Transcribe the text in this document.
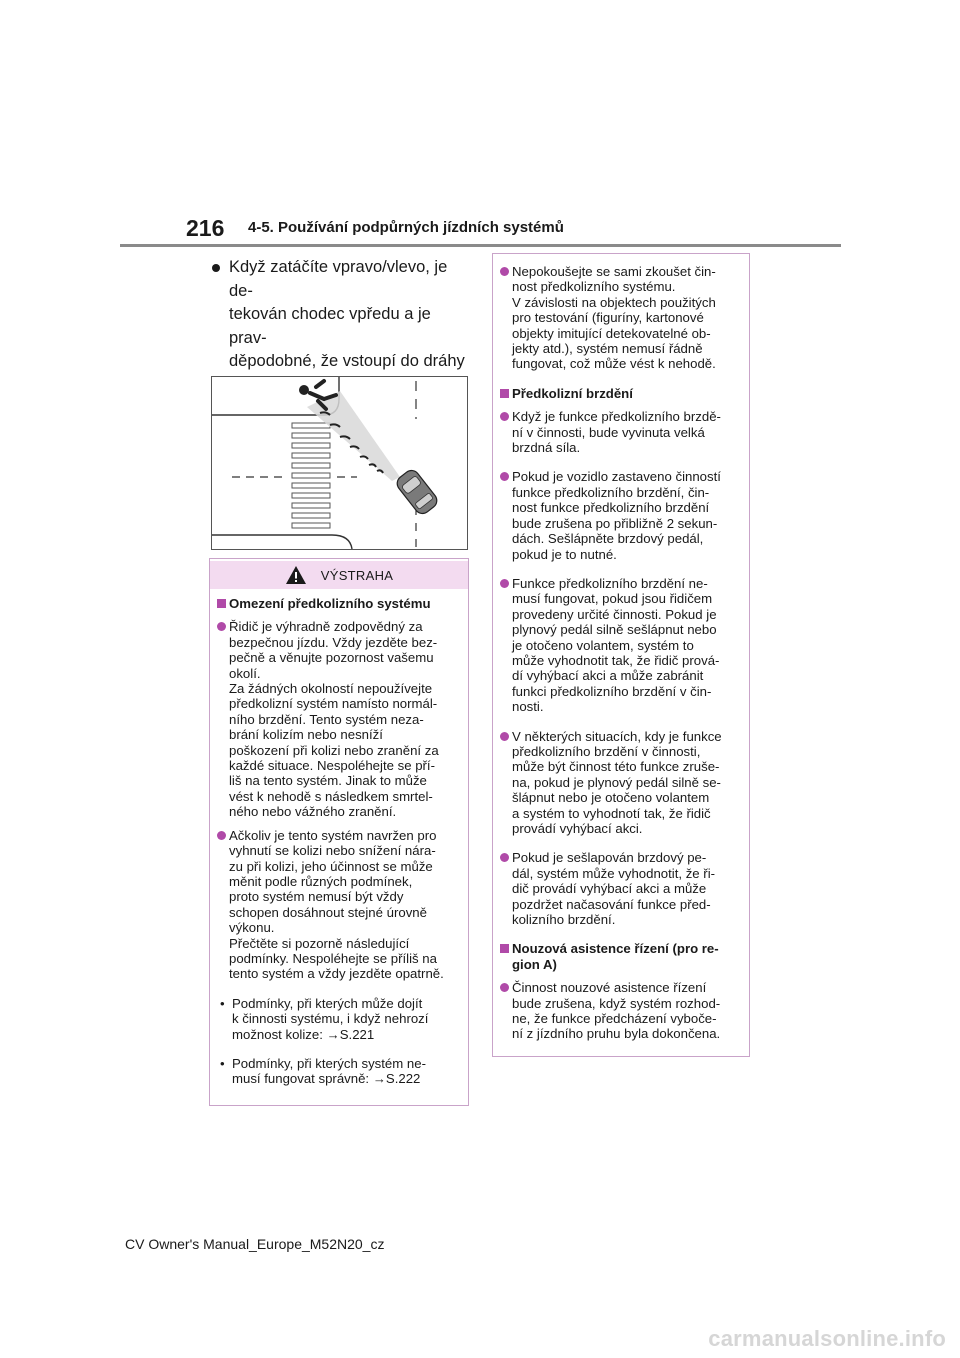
216 4-5. Používání podpůrných jízdních systémů
Když zatáčíte vpravo/vlevo, je de-
tekován chodec vpředu a je prav-
děpodobné, že vstoupí do dráhy

VÝSTRAHA
Omezení předkolizního systému
Řidič je výhradně zodpovědný za
bezpečnou jízdu. Vždy jezděte bez-
pečně a věnujte pozornost vašemu
okolí.
Za žádných okolností nepoužívejte
předkolizní systém namísto normál-
ního brzdění. Tento systém neza-
brání kolizím nebo nesníží
poškození při kolizi nebo zranění za
každé situace. Nespoléhejte se pří-
liš na tento systém. Jinak to může
vést k nehodě s následkem smrtel-
ného nebo vážného zranění.
Ačkoliv je tento systém navržen pro
vyhnutí se kolizi nebo snížení nára-
zu při kolizi, jeho účinnost se může
měnit podle různých podmínek,
proto systém nemusí být vždy
schopen dosáhnout stejné úrovně
výkonu.
Přečtěte si pozorně následující
podmínky. Nespoléhejte se příliš na
tento systém a vždy jezděte opatrně.
• Podmínky, při kterých může dojít
k činnosti systému, i když nehrozí
možnost kolize: →S.221
• Podmínky, při kterých systém ne-
musí fungovat správně: →S.222
Nepokoušejte se sami zkoušet čin-
nost předkolizního systému.
V závislosti na objektech použitých
pro testování (figuríny, kartonové
objekty imitující detekovatelné ob-
jekty atd.), systém nemusí řádně
fungovat, což může vést k nehodě.
Předkolizní brzdění
Když je funkce předkolizního brzdě-
ní v činnosti, bude vyvinuta velká
brzdná síla.
Pokud je vozidlo zastaveno činností
funkce předkolizního brzdění, čin-
nost funkce předkolizního brzdění
bude zrušena po přibližně 2 sekun-
dách. Sešlápněte brzdový pedál,
pokud je to nutné.
Funkce předkolizního brzdění ne-
musí fungovat, pokud jsou řidičem
provedeny určité činnosti. Pokud je
plynový pedál silně sešlápnut nebo
je otočeno volantem, systém to
může vyhodnotit tak, že řidič prová-
dí vyhýbací akci a může zabránit
funkci předkolizního brzdění v čin-
nosti.
V některých situacích, kdy je funkce
předkolizního brzdění v činnosti,
může být činnost této funkce zruše-
na, pokud je plynový pedál silně se-
šlápnut nebo je otočeno volantem
a systém to vyhodnotí tak, že řidič
provádí vyhýbací akci.
Pokud je sešlapován brzdový pe-
dál, systém může vyhodnotit, že ři-
dič provádí vyhýbací akci a může
pozdržet načasování funkce před-
kolizního brzdění.
Nouzová asistence řízení (pro re-
gion A)
Činnost nouzové asistence řízení
bude zrušena, když systém rozhod-
ne, že funkce předcházení vyboče-
ní z jízdního pruhu byla dokončena.
CV Owner's Manual_Europe_M52N20_cz
carmanualsonline.info
